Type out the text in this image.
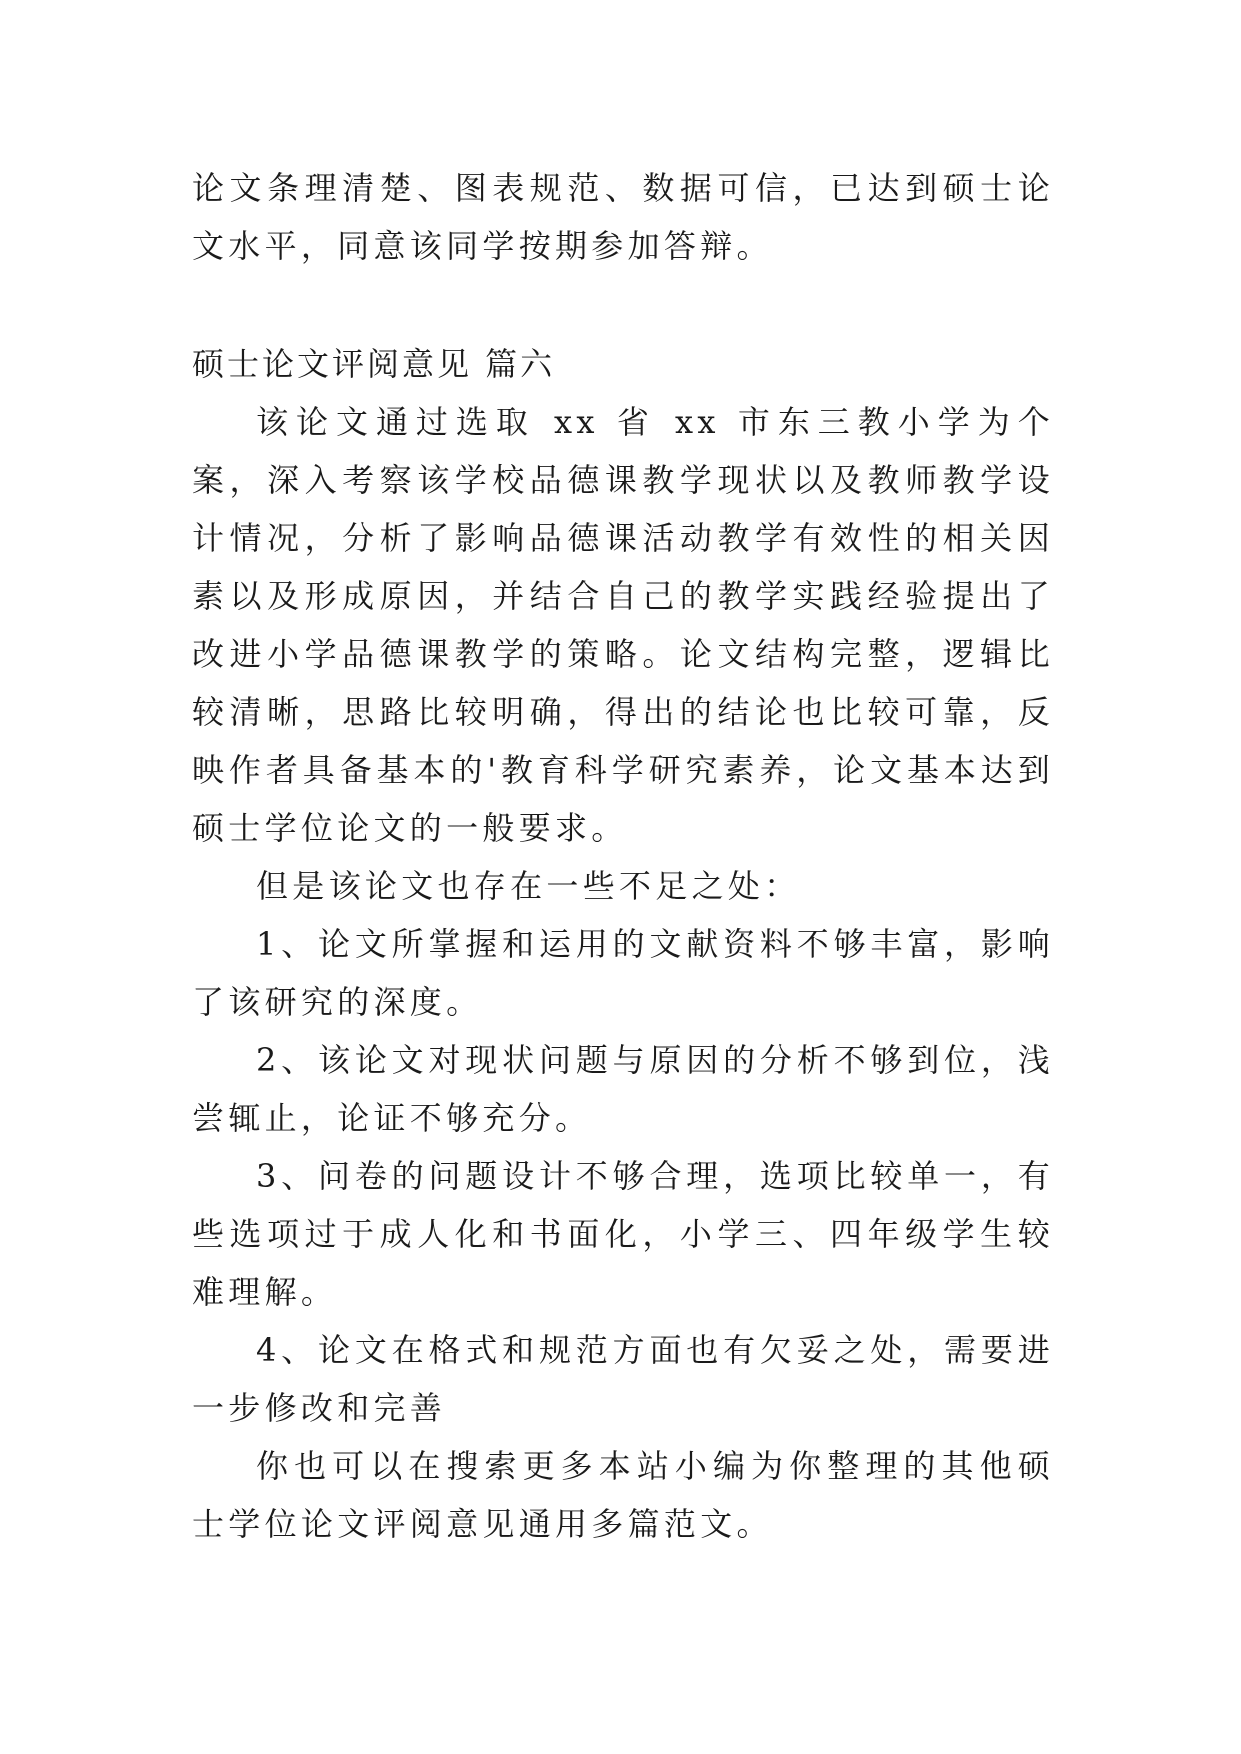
论文条理清楚、图表规范、数据可信，已达到硕士论文水平，同意该同学按期参加答辩。

硕士论文评阅意见 篇六

该论文通过选取 xx 省 xx 市东三教小学为个案，深入考察该学校品德课教学现状以及教师教学设计情况，分析了影响品德课活动教学有效性的相关因素以及形成原因，并结合自己的教学实践经验提出了改进小学品德课教学的策略。论文结构完整，逻辑比较清晰，思路比较明确，得出的结论也比较可靠，反映作者具备基本的'教育科学研究素养，论文基本达到硕士学位论文的一般要求。

但是该论文也存在一些不足之处：

1、论文所掌握和运用的文献资料不够丰富，影响了该研究的深度。

2、该论文对现状问题与原因的分析不够到位，浅尝辄止，论证不够充分。

3、问卷的问题设计不够合理，选项比较单一，有些选项过于成人化和书面化，小学三、四年级学生较难理解。

4、论文在格式和规范方面也有欠妥之处，需要进一步修改和完善

你也可以在搜索更多本站小编为你整理的其他硕士学位论文评阅意见通用多篇范文。
